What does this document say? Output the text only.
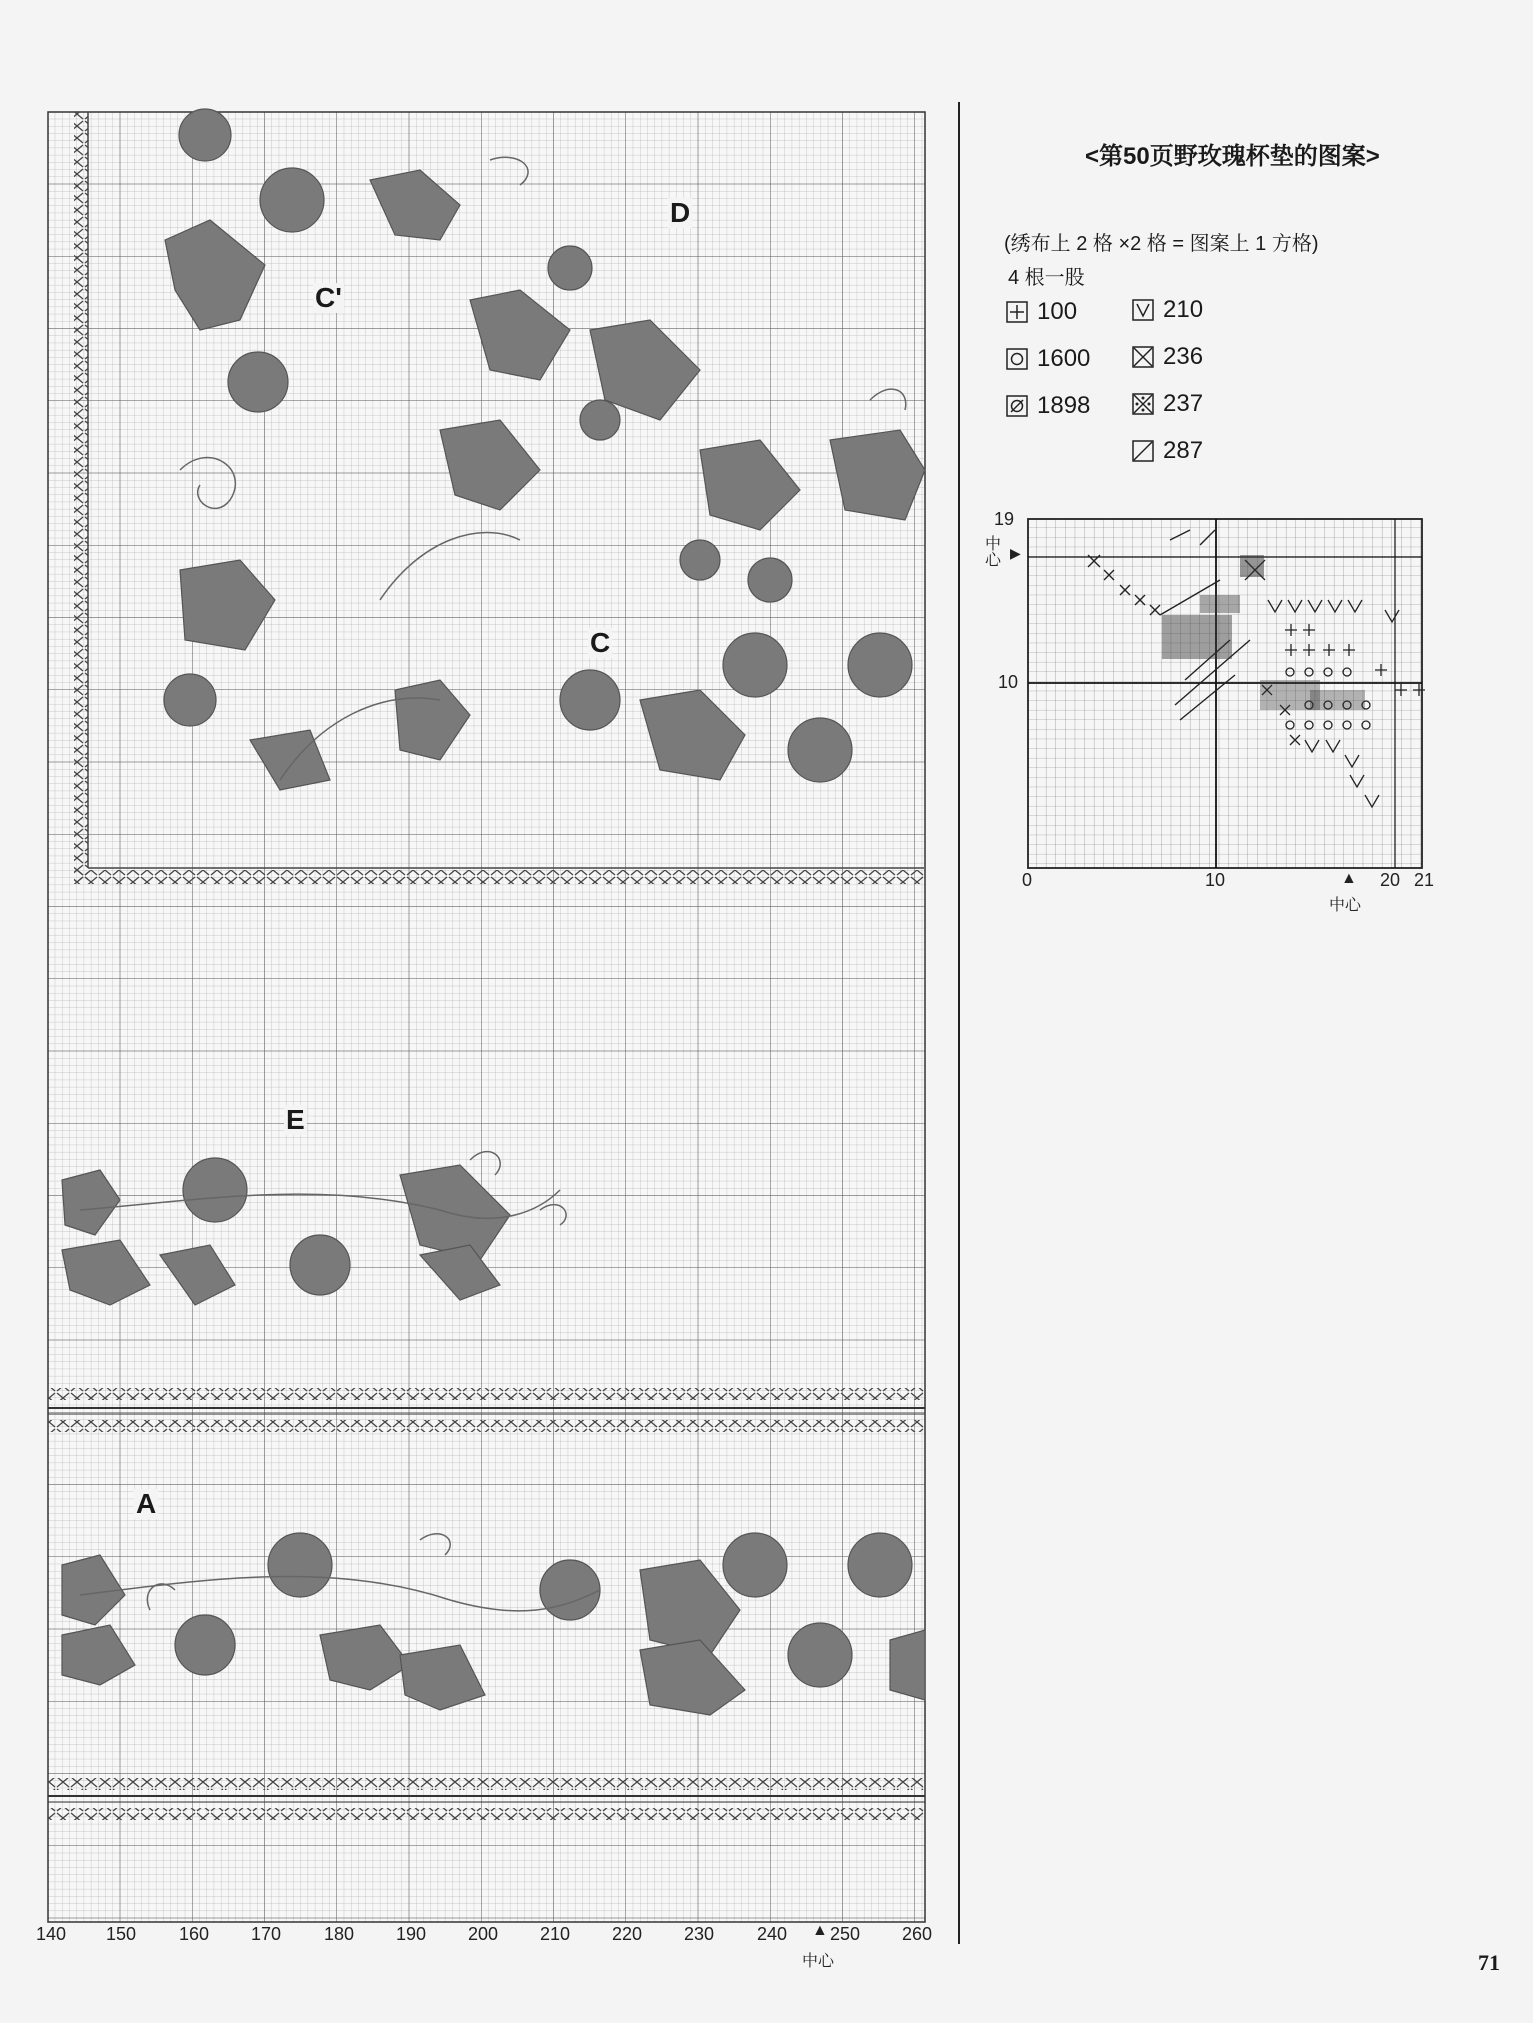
D
C'
C
E
A
140 150 160 170 180 190 200 210 220 230 240 250 260
▲
中心
<第50页野玫瑰杯垫的图案>
(绣布上 2 格 ×2 格 = 图案上 1 方格)
4 根一股
100
1600
1898
210
236
237
287
19
10
中心 ▶
0	10	20 21
▲
中心
71
